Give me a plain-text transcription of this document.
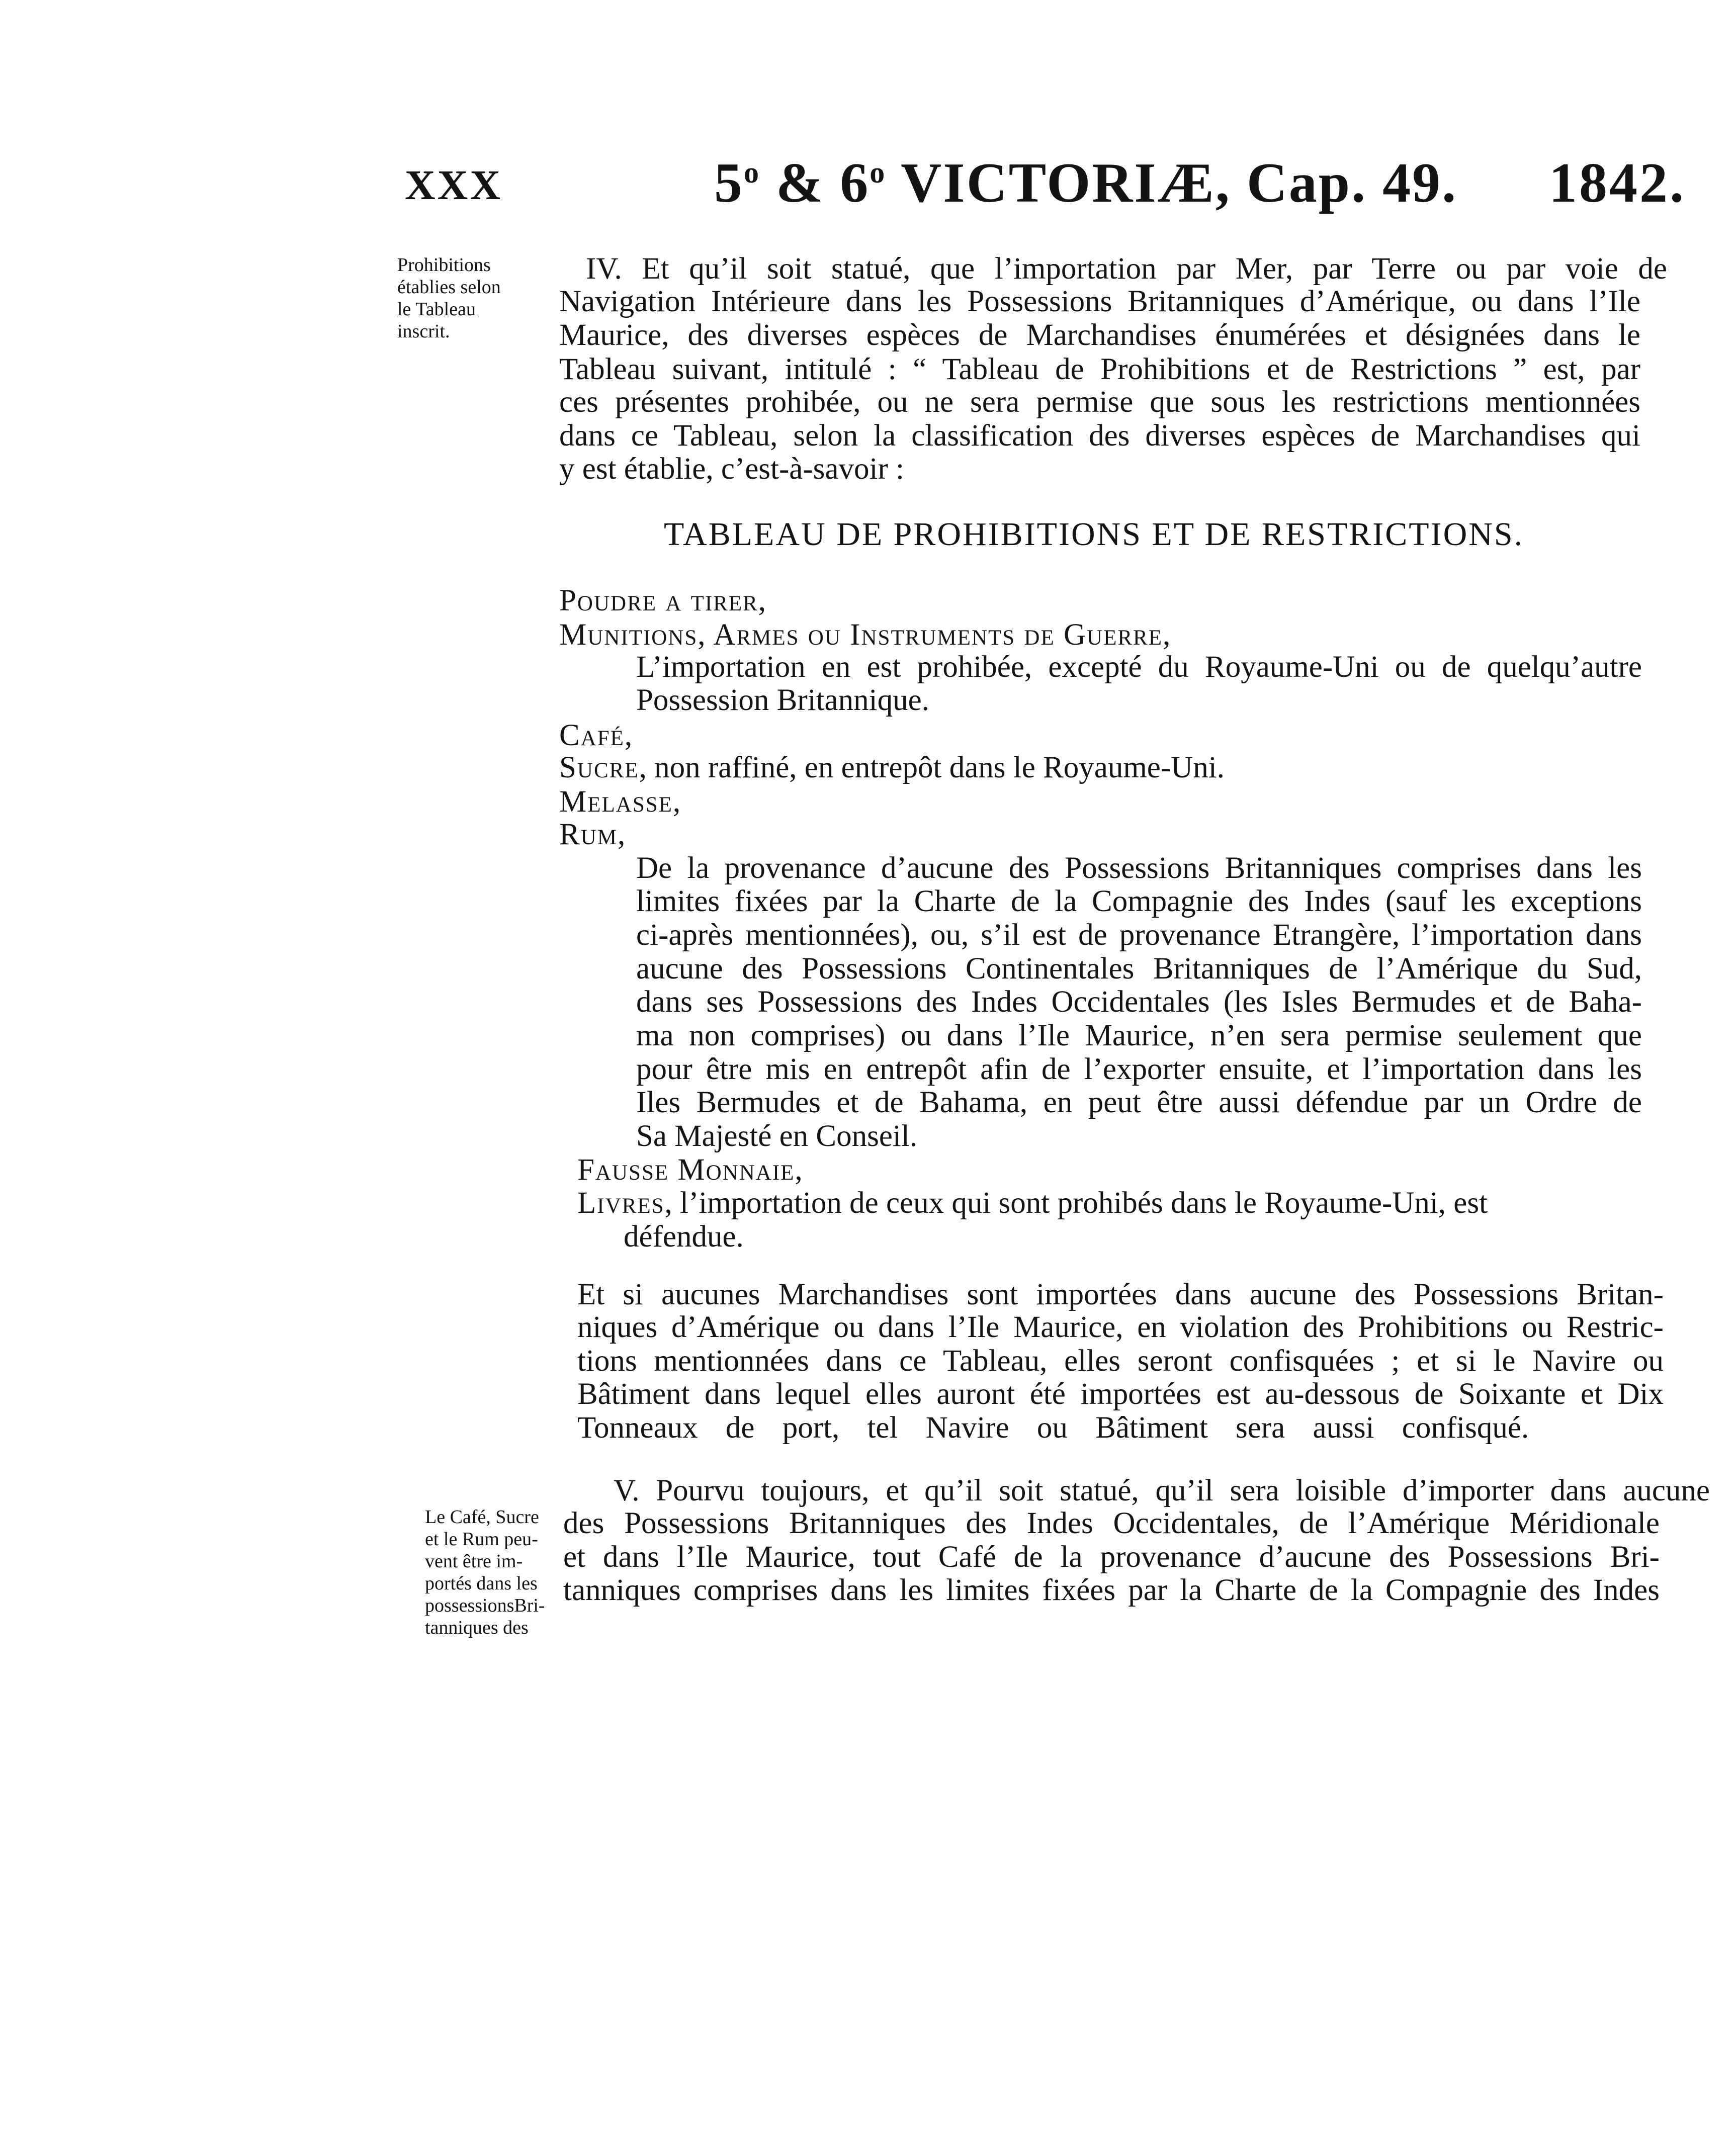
XXX	5$^o$ & 6$^o$ VICTORIÆ, Cap. 49. 1842.
Prohibitions
établies selon
le Tableau
inscrit.
Le Café, Sucre
et le Rum peu-
vent être im-
portés dans les
possessionsBri-
tanniques des
IV. Et qu’il soit statué, que l’importation par Mer, par Terre ou par voie de
Navigation Intérieure dans les Possessions Britanniques d’Amérique, ou dans l’Ile
Maurice, des diverses espèces de Marchandises énumérées et désignées dans le
Tableau suivant, intitulé : “ Tableau de Prohibitions et de Restrictions ” est, par
ces présentes prohibée, ou ne sera permise que sous les restrictions mentionnées
dans ce Tableau, selon la classification des diverses espèces de Marchandises qui
y est établie, c’est-à-savoir :
TABLEAU DE PROHIBITIONS ET DE RESTRICTIONS.
Poudre a tirer,
Munitions, Armes ou Instruments de Guerre,
L’importation en est prohibée, excepté du Royaume-Uni ou de quelqu’autre
Possession Britannique.
Café,
Sucre, non raffiné, en entrepôt dans le Royaume-Uni.
Melasse,
Rum,
De la provenance d’aucune des Possessions Britanniques comprises dans les
limites fixées par la Charte de la Compagnie des Indes (sauf les exceptions
ci-après mentionnées), ou, s’il est de provenance Etrangère, l’importation dans
aucune des Possessions Continentales Britanniques de l’Amérique du Sud,
dans ses Possessions des Indes Occidentales (les Isles Bermudes et de Baha-
ma non comprises) ou dans l’Ile Maurice, n’en sera permise seulement que
pour être mis en entrepôt afin de l’exporter ensuite, et l’importation dans les
Iles Bermudes et de Bahama, en peut être aussi défendue par un Ordre de
Sa Majesté en Conseil.
Fausse Monnaie,
Livres, l’importation de ceux qui sont prohibés dans le Royaume-Uni, est
défendue.
Et si aucunes Marchandises sont importées dans aucune des Possessions Britan-
niques d’Amérique ou dans l’Ile Maurice, en violation des Prohibitions ou Restric-
tions mentionnées dans ce Tableau, elles seront confisquées ; et si le Navire ou
Bâtiment dans lequel elles auront été importées est au-dessous de Soixante et Dix
Tonneaux de port, tel Navire ou Bâtiment sera aussi confisqué.
V. Pourvu toujours, et qu’il soit statué, qu’il sera loisible d’importer dans aucune
des Possessions Britanniques des Indes Occidentales, de l’Amérique Méridionale
et dans l’Ile Maurice, tout Café de la provenance d’aucune des Possessions Bri-
tanniques comprises dans les limites fixées par la Charte de la Compagnie des Indes
